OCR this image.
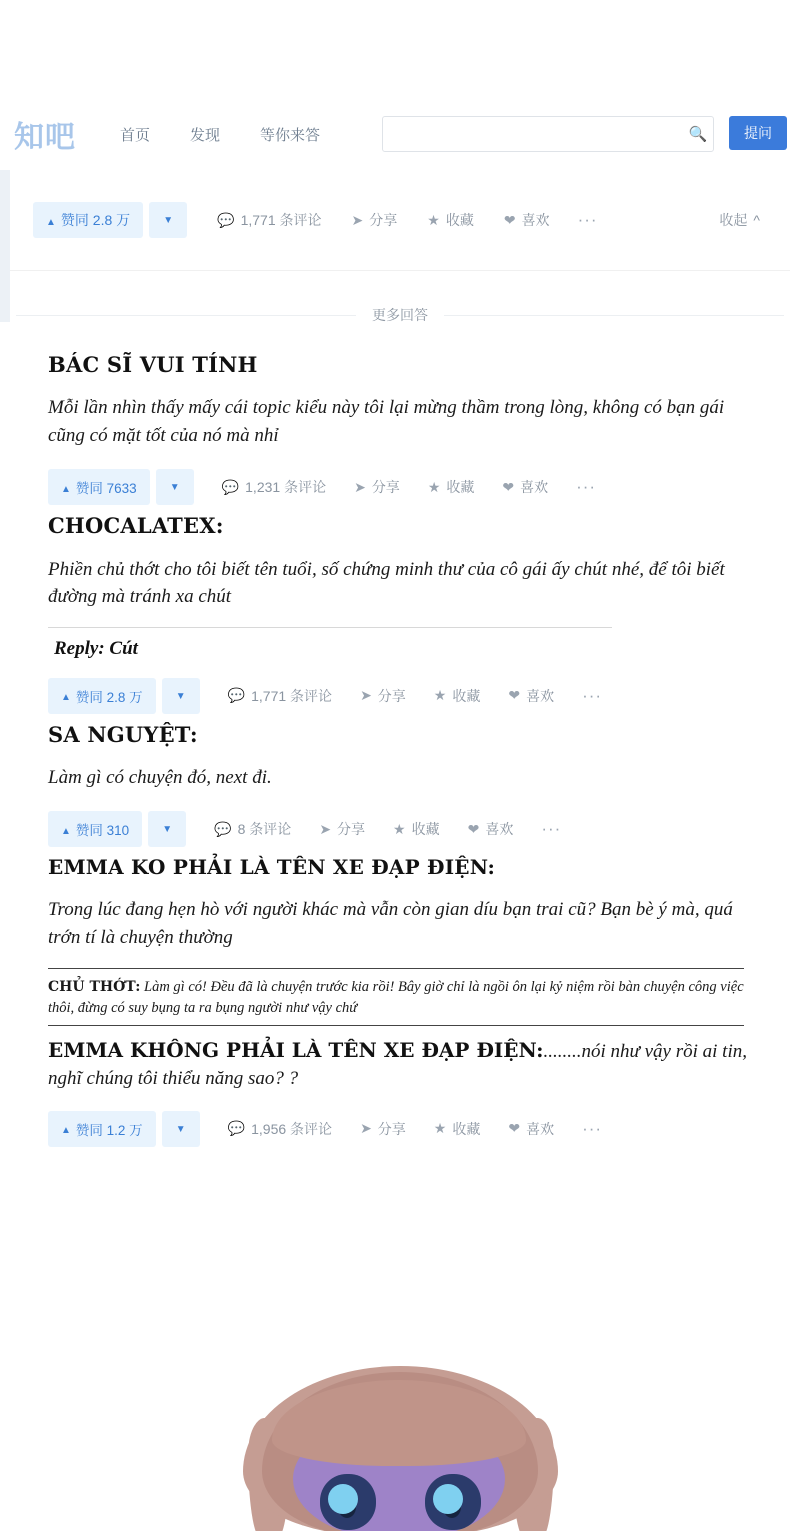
知吧	首页	发现	等你来答	🔍	提问
▲
赞同 2.8 万 ▼	💬 1,771 条评论 ➤ 分享 ★ 收藏 ❤ 喜欢 ···	收起 ^
更多回答
BÁC SĨ VUI TÍNH

Mỗi lần nhìn thấy mấy cái topic kiểu này tôi lại mừng thầm trong lòng, không có bạn gái cũng có mặt tốt của nó mà nhỉ

▲
赞同 7633 ▼	💬 1,231 条评论 ➤ 分享 ★ 收藏 ❤ 喜欢 ···
CHOCALATEX:

Phiền chủ thớt cho tôi biết tên tuổi, số chứng minh thư của cô gái ấy chút nhé, để tôi biết đường mà tránh xa chút

Reply: Cút

▲
赞同 2.8 万 ▼	💬 1,771 条评论 ➤ 分享 ★ 收藏 ❤ 喜欢 ···
SA NGUYỆT:

Làm gì có chuyện đó, next đi.

▲
赞同 310 ▼	💬 8 条评论 ➤ 分享 ★ 收藏 ❤ 喜欢 ···
EMMA KO PHẢI LÀ TÊN XE ĐẠP ĐIỆN:

Trong lúc đang hẹn hò với người khác mà vẫn còn gian díu bạn trai cũ? Bạn bè ý mà, quá trớn tí là chuyện thường

CHỦ THỚT: Làm gì có! Đều đã là chuyện trước kia rồi! Bây giờ chỉ là ngồi ôn lại kỷ niệm rồi bàn chuyện công việc thôi, đừng có suy bụng ta ra bụng người như vậy chứ

EMMA KHÔNG PHẢI LÀ TÊN XE ĐẠP ĐIỆN:........nói như vậy rồi ai tin, nghĩ chúng tôi thiểu năng sao? ?

▲
赞同 1.2 万 ▼	💬 1,956 条评论 ➤ 分享 ★ 收藏 ❤ 喜欢 ···
